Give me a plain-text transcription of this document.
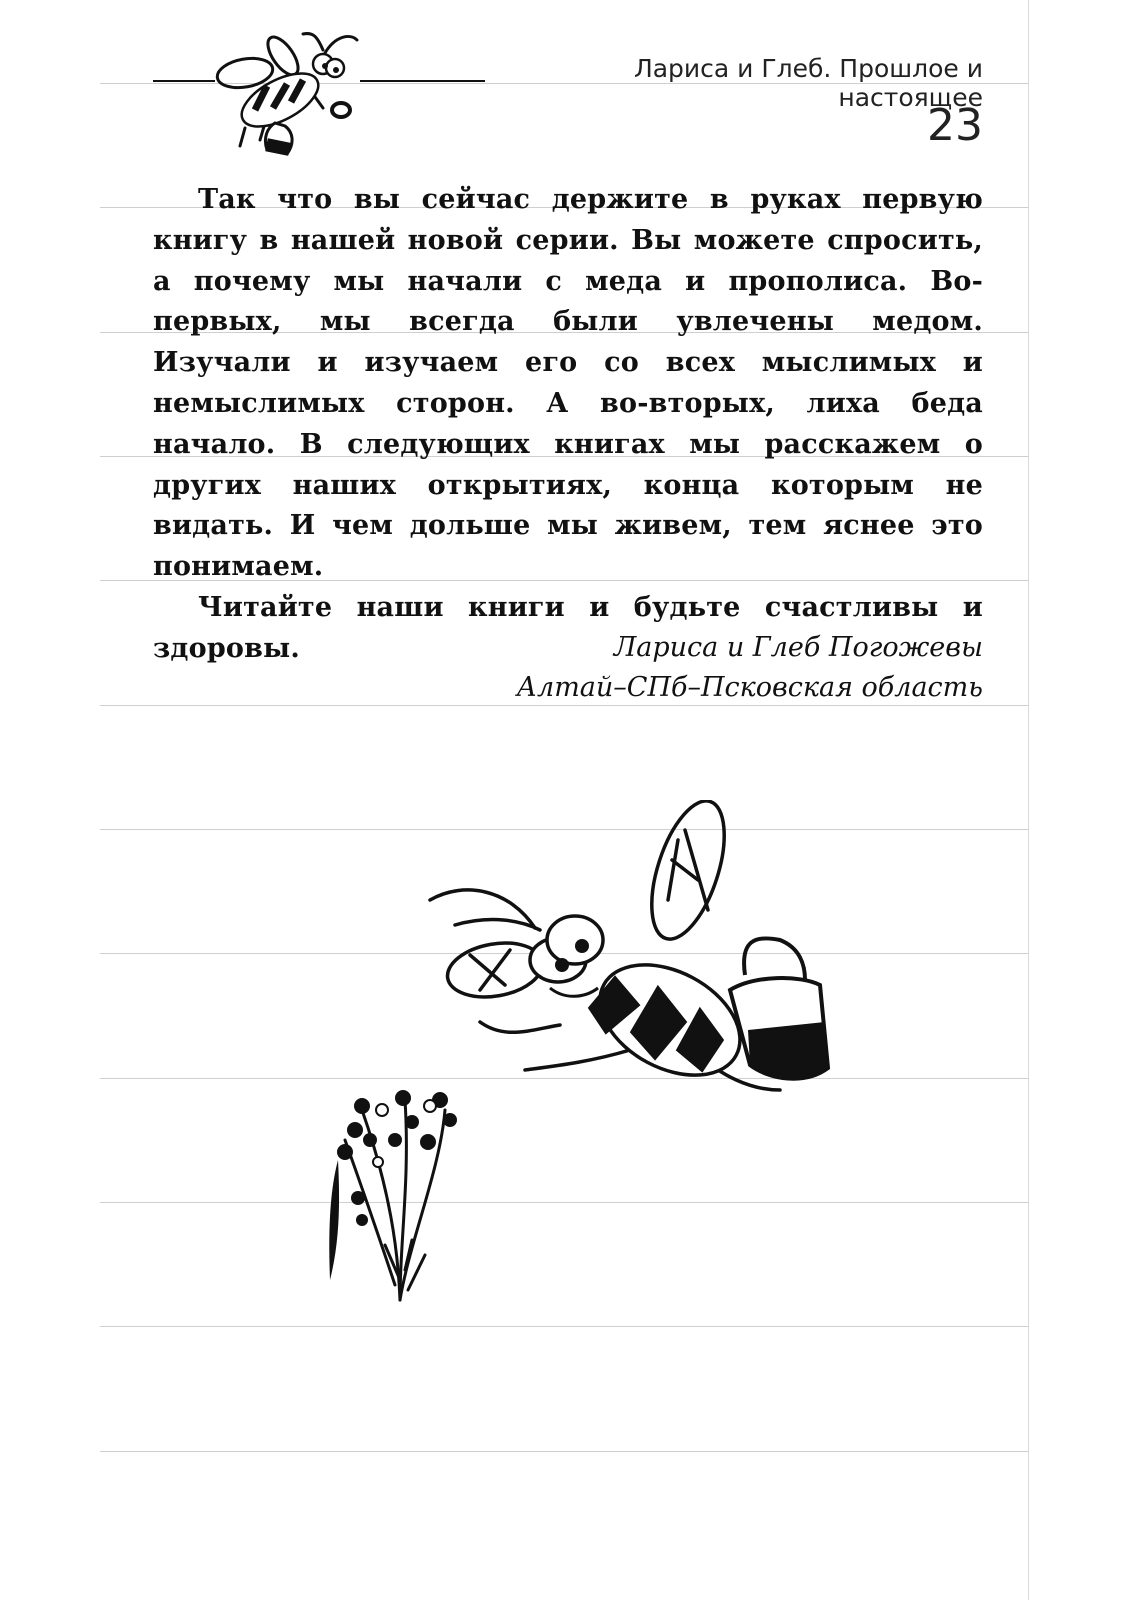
Лариса и Глеб. Прошлое и настоящее
23

Так что вы сейчас держите в руках первую книгу в нашей новой серии. Вы можете спросить, а почему мы начали с меда и прополиса. Во-первых, мы всегда были увлечены медом. Изучали и изучаем его со всех мыслимых и немыслимых сторон. А во-вторых, лиха беда начало. В следующих книгах мы расскажем о других наших открытиях, конца которым не видать. И чем дольше мы живем, тем яснее это понимаем.

Читайте наши книги и будьте счастливы и здоровы.	Лариса и Глеб Погожевы
Алтай–СПб–Псковская область
